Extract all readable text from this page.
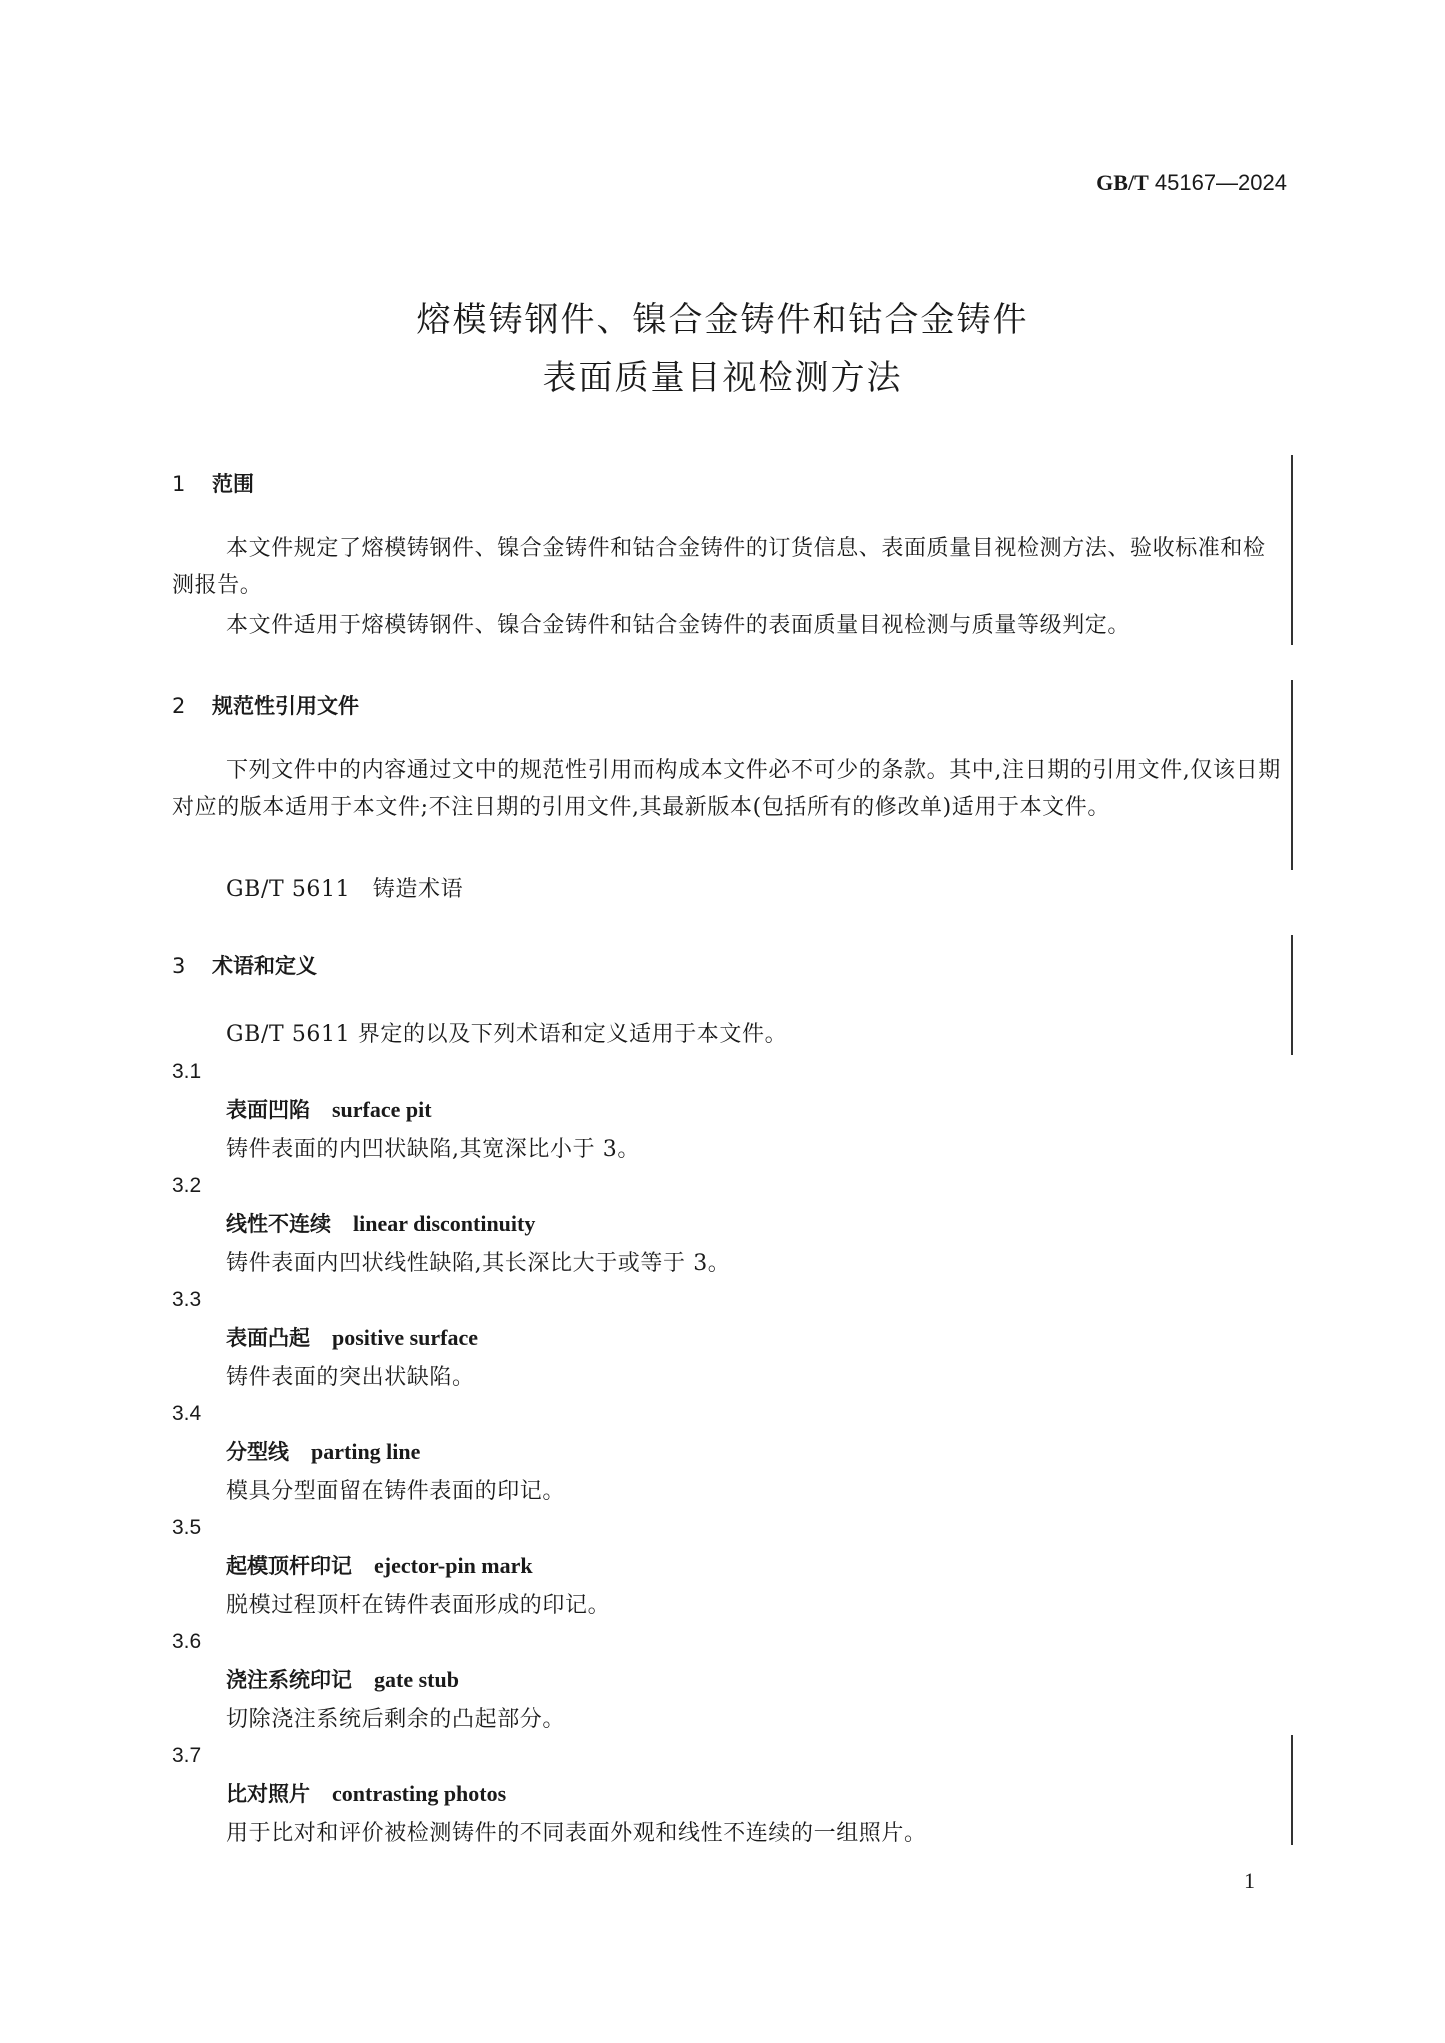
GB/T 45167—2024
熔模铸钢件、镍合金铸件和钴合金铸件
表面质量目视检测方法
1 范围
本文件规定了熔模铸钢件、镍合金铸件和钴合金铸件的订货信息、表面质量目视检测方法、验收标准和检测报告。
本文件适用于熔模铸钢件、镍合金铸件和钴合金铸件的表面质量目视检测与质量等级判定。
2 规范性引用文件
下列文件中的内容通过文中的规范性引用而构成本文件必不可少的条款。其中,注日期的引用文件,仅该日期对应的版本适用于本文件;不注日期的引用文件,其最新版本(包括所有的修改单)适用于本文件。
GB/T 5611　铸造术语
3 术语和定义
GB/T 5611 界定的以及下列术语和定义适用于本文件。
3.1
表面凹陷 surface pit
铸件表面的内凹状缺陷,其宽深比小于 3。
3.2
线性不连续 linear discontinuity
铸件表面内凹状线性缺陷,其长深比大于或等于 3。
3.3
表面凸起 positive surface
铸件表面的突出状缺陷。
3.4
分型线 parting line
模具分型面留在铸件表面的印记。
3.5
起模顶杆印记 ejector-pin mark
脱模过程顶杆在铸件表面形成的印记。
3.6
浇注系统印记 gate stub
切除浇注系统后剩余的凸起部分。
3.7
比对照片 contrasting photos
用于比对和评价被检测铸件的不同表面外观和线性不连续的一组照片。
1
